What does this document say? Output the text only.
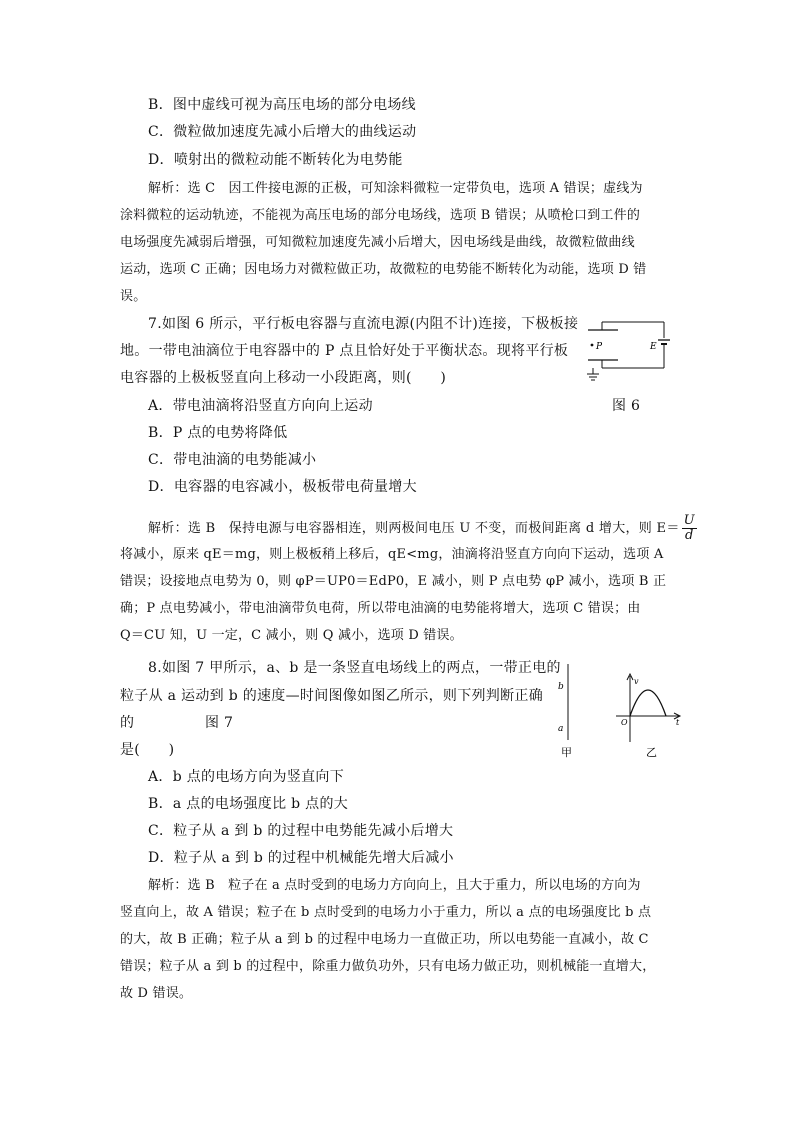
B．图中虚线可视为高压电场的部分电场线
C．微粒做加速度先减小后增大的曲线运动
D．喷射出的微粒动能不断转化为电势能
解析：选 C　因工件接电源的正极，可知涂料微粒一定带负电，选项 A 错误；虚线为
涂料微粒的运动轨迹，不能视为高压电场的部分电场线，选项 B 错误；从喷枪口到工件的
电场强度先减弱后增强，可知微粒加速度先减小后增大，因电场线是曲线，故微粒做曲线
运动，选项 C 正确；因电场力对微粒做正功，故微粒的电势能不断转化为动能，选项 D 错
误。
7.如图 6 所示，平行板电容器与直流电源(内阻不计)连接，下极板接
地。一带电油滴位于电容器中的 P 点且恰好处于平衡状态。现将平行板
电容器的上极板竖直向上移动一小段距离，则(　　)
P	E
A．带电油滴将沿竖直方向向上运动	图 6
B．P 点的电势将降低
C．带电油滴的电势能减小
D．电容器的电容减小，极板带电荷量增大
解析：选 B　保持电源与电容器相连，则两极间电压 U 不变，而极间距离 d 增大，则 $E= \frac{U}{d}$
将减小，原来 qE＝mg，则上极板稍上移后，qE<mg，油滴将沿竖直方向向下运动，选项 A
错误；设接地点电势为 0，则 φP＝UP0＝EdP0，E 减小，则 P 点电势 φP 减小，选项 B 正
确；P 点电势减小，带电油滴带负电荷，所以带电油滴的电势能将增大，选项 C 错误；由
Q＝CU 知，U 一定，C 减小，则 Q 减小，选项 D 错误。
8.如图 7 甲所示，a、b 是一条竖直电场线上的两点，一带正电的
粒子从 a 运动到 b 的速度—时间图像如图乙所示，则下列判断正确
的	图 7
是(　　)
b
a
甲
v
O	t
乙
A．b 点的电场方向为竖直向下
B．a 点的电场强度比 b 点的大
C．粒子从 a 到 b 的过程中电势能先减小后增大
D．粒子从 a 到 b 的过程中机械能先增大后减小
解析：选 B　粒子在 a 点时受到的电场力方向向上，且大于重力，所以电场的方向为
竖直向上，故 A 错误；粒子在 b 点时受到的电场力小于重力，所以 a 点的电场强度比 b 点
的大，故 B 正确；粒子从 a 到 b 的过程中电场力一直做正功，所以电势能一直减小，故 C
错误；粒子从 a 到 b 的过程中，除重力做负功外，只有电场力做正功，则机械能一直增大，
故 D 错误。
